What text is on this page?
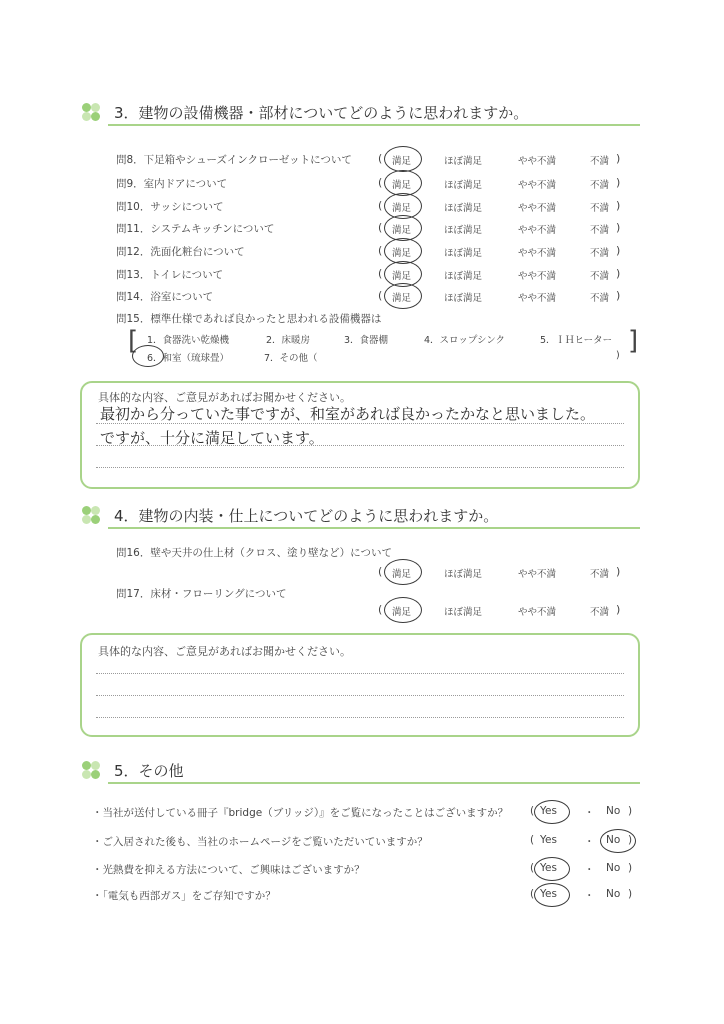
3．建物の設備機器・部材についてどのように思われますか。
問8．下足箱やシューズインクローゼットについて ( 満足	ほぼ満足	やや不満	不満 )
問9．室内ドアについて	( 満足	ほぼ満足	やや不満	不満 )
問10．サッシについて	( 満足	ほぼ満足	やや不満	不満 )
問11．システムキッチンについて	( 満足	ほぼ満足	やや不満	不満 )
問12．洗面化粧台について	( 満足	ほぼ満足	やや不満	不満 )
問13．トイレについて	( 満足	ほぼ満足	やや不満	不満 )
問14．浴室について	( 満足	ほぼ満足	やや不満	不満 )
問15．標準仕様であれば良かったと思われる設備機器は
[	]
1．食器洗い乾燥機	2．床暖房	3．食器棚	4．スロップシンク	5．ＩＨヒーター
6．和室（琉球畳）	7．その他（	)
具体的な内容、ご意見があればお聞かせください。
最初から分っていた事ですが、和室があれば良かったかなと思いました。
ですが、十分に満足しています。
4．建物の内装・仕上についてどのように思われますか。
問16．壁や天井の仕上材（クロス、塗り壁など）について
( 満足	ほぼ満足	やや不満	不満 )
問17．床材・フローリングについて
( 満足	ほぼ満足	やや不満	不満 )
具体的な内容、ご意見があればお聞かせください。
5．その他
・当社が送付している冊子『bridge（ブリッジ）』をご覧になったことはございますか？ ( Yes	・ No )
・ご入居された後も、当社のホームページをご覧いただいていますか？	( Yes	・ No )
・光熱費を抑える方法について、ご興味はございますか？	( Yes	・ No )
・「電気も西部ガス」をご存知ですか？	( Yes	・ No )
